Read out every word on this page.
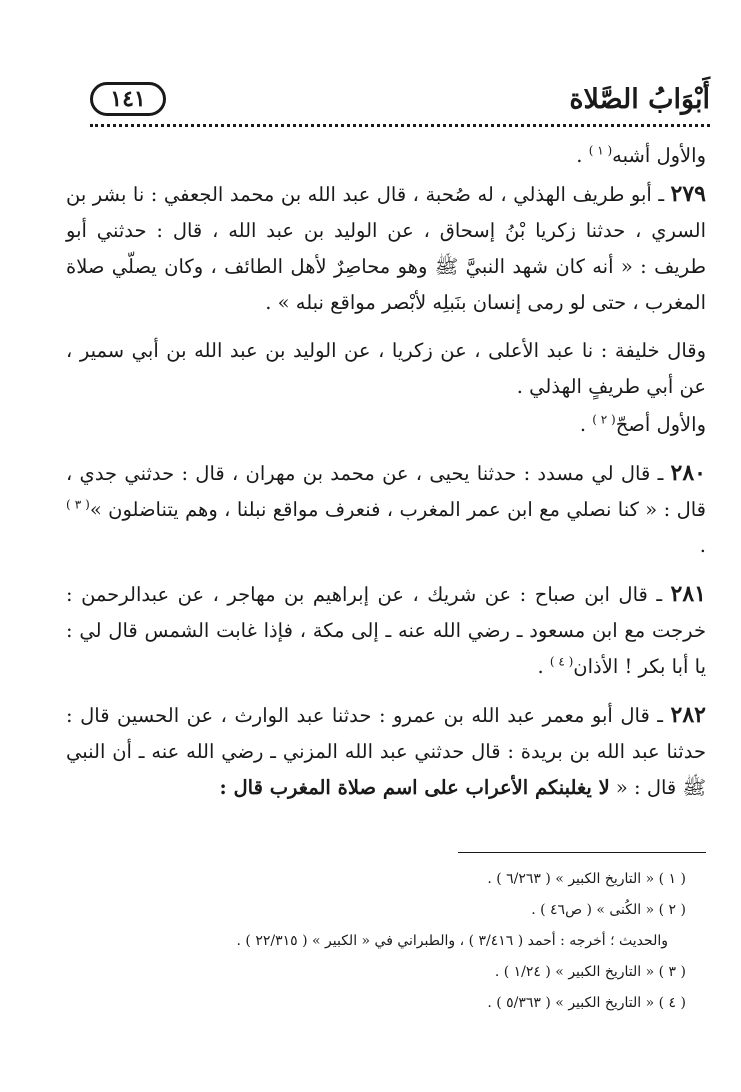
أَبْوَابُ الصَّلاة
١٤١

والأول أشبه$^{( ١ )}$ .

٢٧٩ ـ أبو طريف الهذلي ، له صُحبة ، قال عبد الله بن محمد الجعفي : نا بشر بن السري ، حدثنا زكريا بْنُ إسحاق ، عن الوليد بن عبد الله ، قال : حدثني أبو طريف : « أنه كان شهد النبيَّ ﷺ وهو محاصِرٌ لأهل الطائف ، وكان يصلّي صلاة المغرب ، حتى لو رمى إنسان بنَبلِه لأبْصر مواقع نبله » .

وقال خليفة : نا عبد الأعلى ، عن زكريا ، عن الوليد بن عبد الله بن أبي سمير ، عن أبي طريفٍ الهذلي .

والأول أصحّ$^{( ٢ )}$ .

٢٨٠ ـ قال لي مسدد : حدثنا يحيى ، عن محمد بن مهران ، قال : حدثني جدي ، قال : « كنا نصلي مع ابن عمر المغرب ، فنعرف مواقع نبلنا ، وهم يتناضلون »$^{( ٣ )}$ .

٢٨١ ـ قال ابن صباح : عن شريك ، عن إبراهيم بن مهاجر ، عن عبدالرحمن : خرجت مع ابن مسعود ـ رضي الله عنه ـ إلى مكة ، فإذا غابت الشمس قال لي : يا أبا بكر ! الأذان$^{( ٤ )}$ .

٢٨٢ ـ قال أبو معمر عبد الله بن عمرو : حدثنا عبد الوارث ، عن الحسين قال : حدثنا عبد الله بن بريدة : قال حدثني عبد الله المزني ـ رضي الله عنه ـ أن النبي ﷺ قال : « لا يغلبنكم الأعراب على اسم صلاة المغرب قال :

( ١ ) « التاريخ الكبير » ( ٦/٢٦٣ ) .

( ٢ ) « الكُنى » ( ص٤٦ ) .

والحديث ؛ أخرجه : أحمد ( ٣/٤١٦ ) ، والطبراني في « الكبير » ( ٢٢/٣١٥ ) .

( ٣ ) « التاريخ الكبير » ( ١/٢٤ ) .

( ٤ ) « التاريخ الكبير » ( ٥/٣٦٣ ) .
